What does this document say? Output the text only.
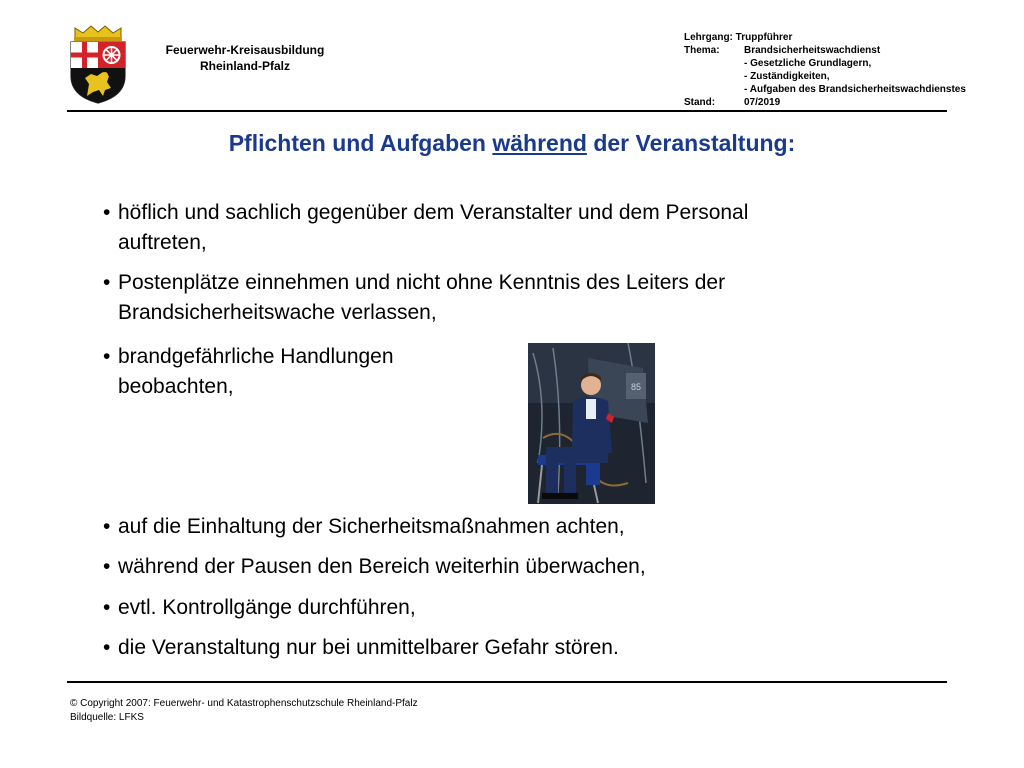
Feuerwehr-Kreisausbildung
Rheinland-Pfalz
Lehrgang: Truppführer
Thema:	Brandsicherheitswachdienst
- Gesetzliche Grundlagern,
- Zuständigkeiten,
- Aufgaben des Brandsicherheitswachdienstes
Stand:	07/2019
Pflichten und Aufgaben während der Veranstaltung:
• höflich und sachlich gegenüber dem Veranstalter und dem Personal
auftreten,
• Postenplätze einnehmen und nicht ohne Kenntnis des Leiters der
Brandsicherheitswache verlassen,
• brandgefährliche Handlungen
beobachten,	85
• auf die Einhaltung der Sicherheitsmaßnahmen achten,
• während der Pausen den Bereich weiterhin überwachen,
• evtl. Kontrollgänge durchführen,
• die Veranstaltung nur bei unmittelbarer Gefahr stören.
© Copyright 2007: Feuerwehr- und Katastrophenschutzschule Rheinland-Pfalz
Bildquelle: LFKS
